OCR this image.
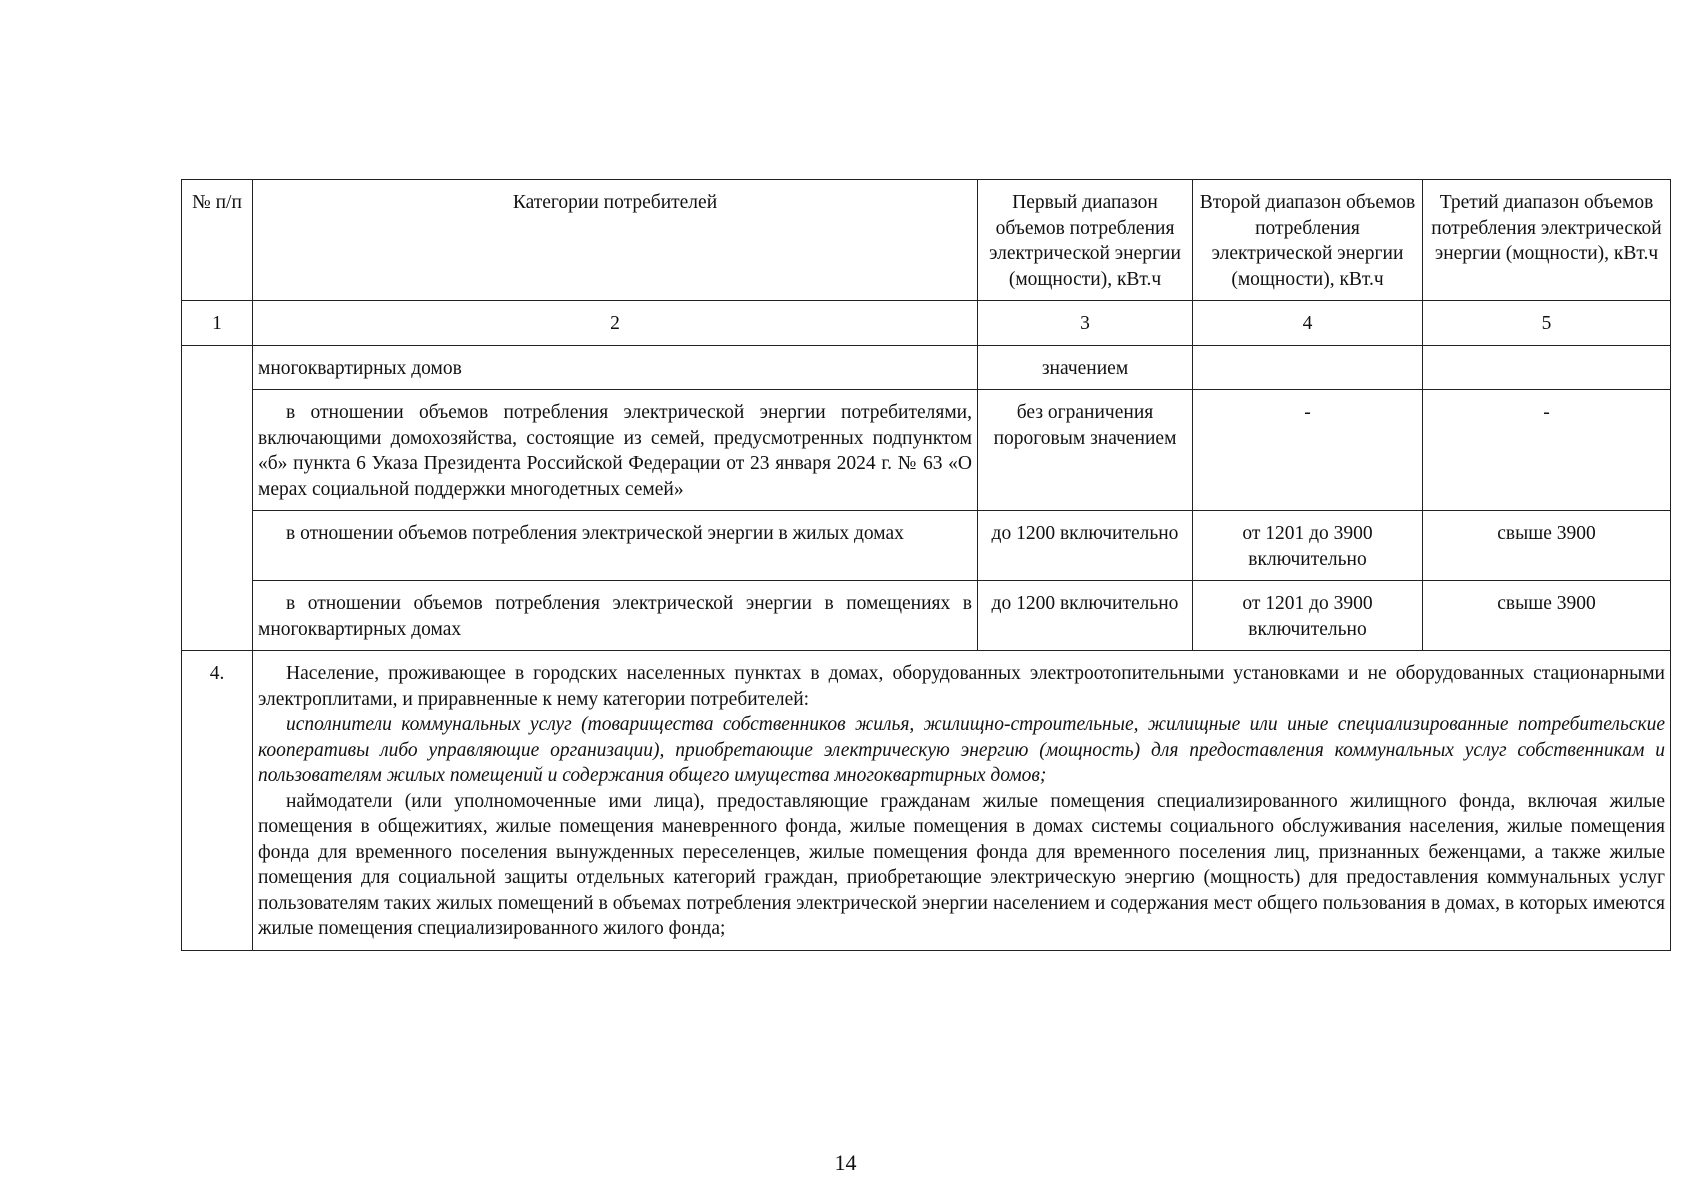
№ п/п	Категории потребителей	Первый диапазон объемов потребления электрической энергии (мощности), кВт.ч	Второй диапазон объемов потребления электрической энергии (мощности), кВт.ч	Третий диапазон объемов потребления электрической энергии (мощности), кВт.ч
1	2	3	4	5
	многоквартирных домов	значением		

	в отношении объемов потребления электрической энергии потребителями, включающими домохозяйства, состоящие из семей, предусмотренных подпунктом «б» пункта 6 Указа Президента Российской Федерации от 23 января 2024 г. № 63 «О мерах социальной поддержки многодетных семей»	без ограничения пороговым значением	-	-

	в отношении объемов потребления электрической энергии в жилых домах	до 1200 включительно	от 1201 до 3900 включительно	свыше 3900

	в отношении объемов потребления электрической энергии в помещениях в многоквартирных домах	до 1200 включительно	от 1201 до 3900 включительно	свыше 3900
4.	Население, проживающее в городских населенных пунктах в домах, оборудованных электроотопительными установками и не оборудованных стационарными электроплитами, и приравненные к нему категории потребителей:

исполнители коммунальных услуг (товарищества собственников жилья, жилищно-строительные, жилищные или иные специализированные потребительские кооперативы либо управляющие организации), приобретающие электрическую энергию (мощность) для предоставления коммунальных услуг собственникам и пользователям жилых помещений и содержания общего имущества многоквартирных домов;

наймодатели (или уполномоченные ими лица), предоставляющие гражданам жилые помещения специализированного жилищного фонда, включая жилые помещения в общежитиях, жилые помещения маневренного фонда, жилые помещения в домах системы социального обслуживания населения, жилые помещения фонда для временного поселения вынужденных переселенцев, жилые помещения фонда для временного поселения лиц, признанных беженцами, а также жилые помещения для социальной защиты отдельных категорий граждан, приобретающие электрическую энергию (мощность) для предоставления коммунальных услуг пользователям таких жилых помещений в объемах потребления электрической энергии населением и содержания мест общего пользования в домах, в которых имеются жилые помещения специализированного жилого фонда;			

14
